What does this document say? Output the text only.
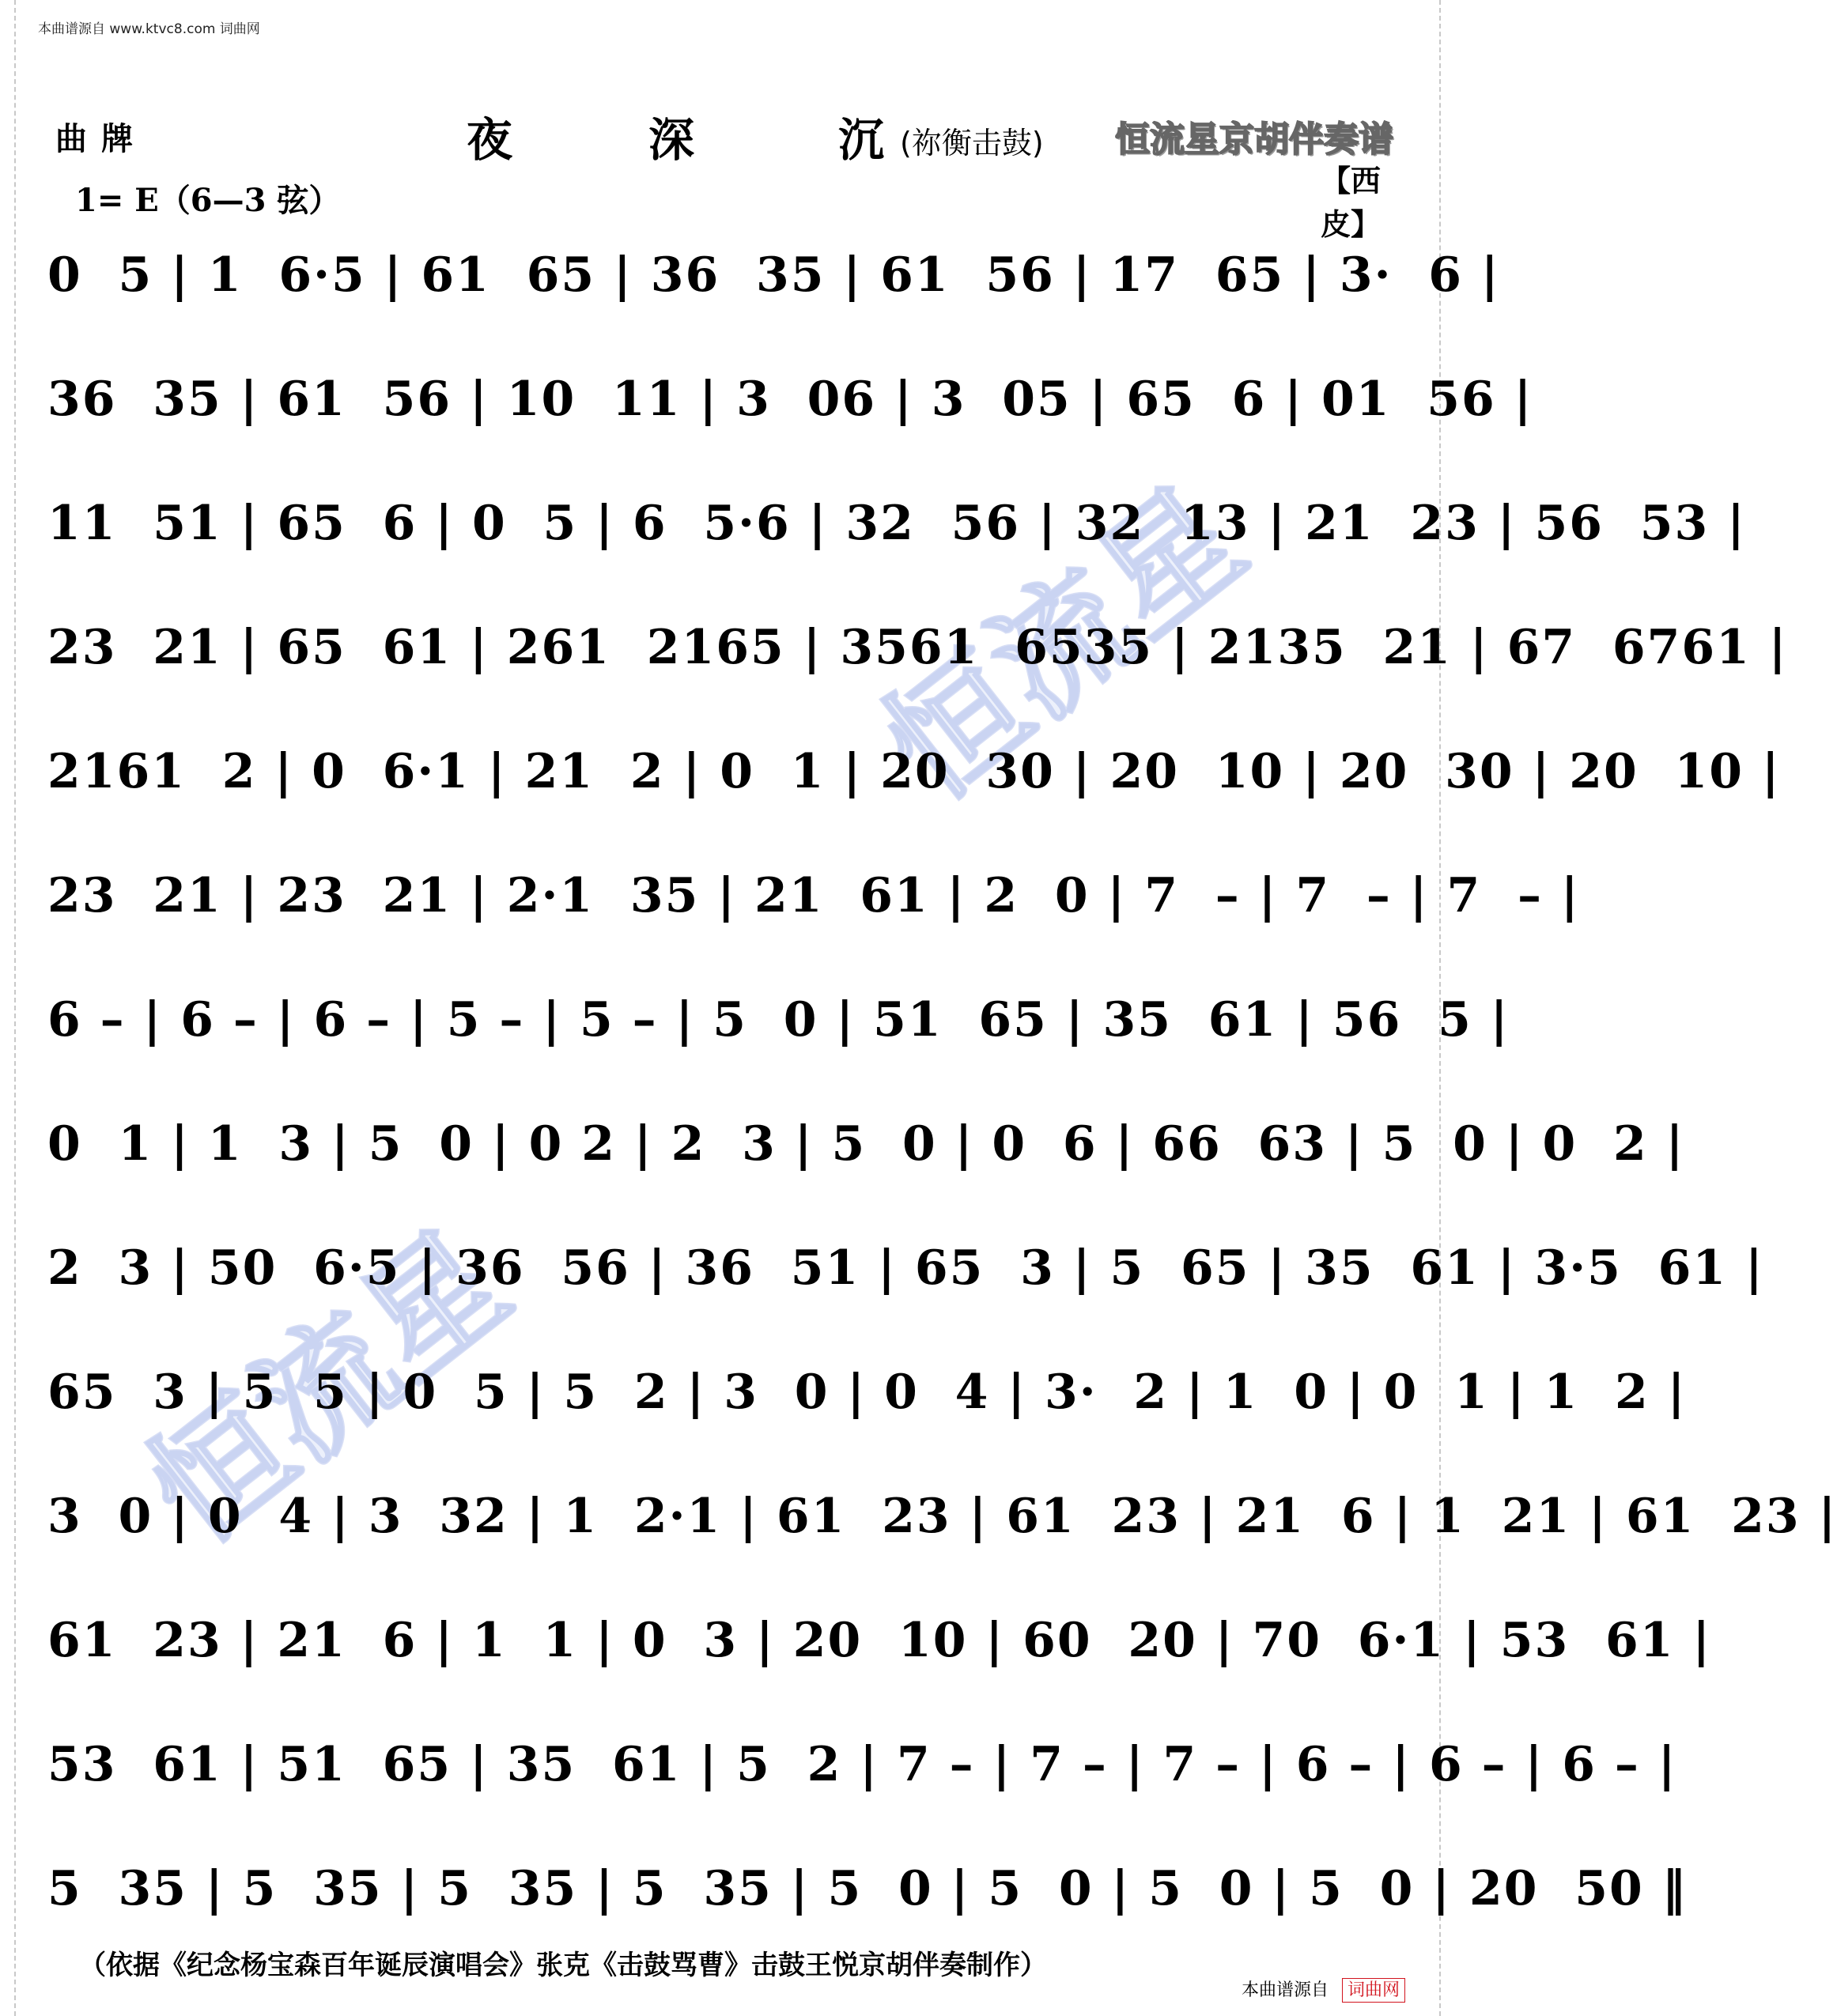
本曲谱源自 www.ktvc8.com 词曲网
曲牌	夜	深	沉 (祢衡击鼓) 恒流星京胡伴奏谱
【西皮】
1= E（6—3 弦）
恒流星
恒流星
0  5 | 1  6·5 | 61  65 | 36  35 | 61  56 | 17  65 | 3·  6 |
36  35 | 61  56 | 10  11 | 3  06 | 3  05 | 65  6 | 01  56 |
11  51 | 65  6 | 0  5 | 6  5·6 | 32  56 | 32  13 | 21  23 | 56  53 |
23  21 | 65  61 | 261  2165 | 3561  6535 | 2135  21 | 67  6761 |
2161  2 | 0  6·1 | 21  2 | 0  1 | 20  30 | 20  10 | 20  30 | 20  10 |
23  21 | 23  21 | 2·1  35 | 21  61 | 2  0 | 7  – | 7  – | 7  – |
6 – | 6 – | 6 – | 5 – | 5 – | 5  0 | 51  65 | 35  61 | 56  5 |
0  1 | 1  3 | 5  0 | 0 2 | 2  3 | 5  0 | 0  6 | 66  63 | 5  0 | 0  2 |
2  3 | 50  6·5 | 36  56 | 36  51 | 65  3 | 5  65 | 35  61 | 3·5  61 |
65  3 | 5  5 | 0  5 | 5  2 | 3  0 | 0  4 | 3·  2 | 1  0 | 0  1 | 1  2 |
3  0 | 0  4 | 3  32 | 1  2·1 | 61  23 | 61  23 | 21  6 | 1  21 | 61  23 |
61  23 | 21  6 | 1  1 | 0  3 | 20  10 | 60  20 | 70  6·1 | 53  61 |
53  61 | 51  65 | 35  61 | 5  2 | 7 – | 7 – | 7 – | 6 – | 6 – | 6 – |
5  35 | 5  35 | 5  35 | 5  35 | 5  0 | 5  0 | 5  0 | 5  0 | 20  50 ‖
（依据《纪念杨宝森百年诞辰演唱会》张克《击鼓骂曹》击鼓王悦京胡伴奏制作）
本曲谱源自 词曲网
